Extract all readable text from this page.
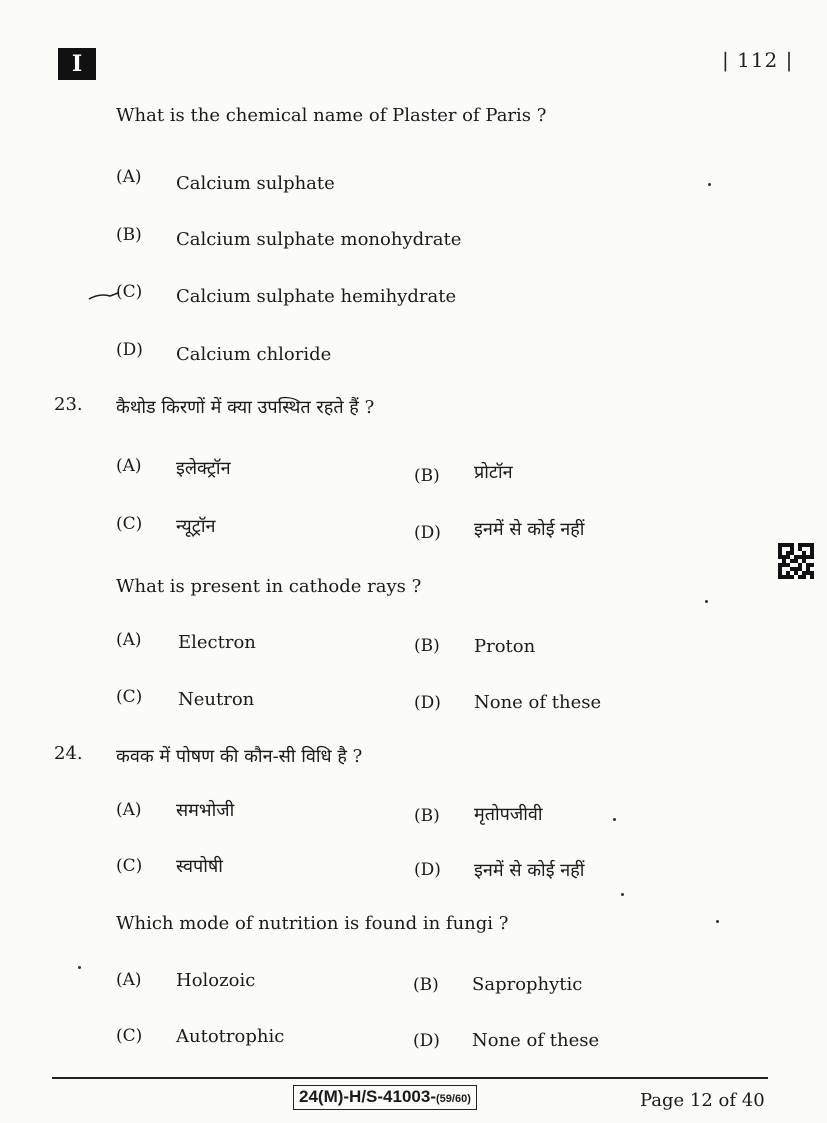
I	| 112 |
What is the chemical name of Plaster of Paris ?
(A) Calcium sulphate
(B) Calcium sulphate monohydrate
(C) Calcium sulphate hemihydrate
(D) Calcium chloride
23. कैथोड किरणों में क्या उपस्थित रहते हैं ?
(A) इलेक्ट्रॉन	(B) प्रोटॉन
(C) न्यूट्रॉन	(D) इनमें से कोई नहीं
What is present in cathode rays ?
(A) Electron	(B) Proton
(C) Neutron	(D) None of these
24. कवक में पोषण की कौन-सी विधि है ?
(A) समभोजी	(B) मृतोपजीवी
(C) स्वपोषी	(D) इनमें से कोई नहीं
Which mode of nutrition is found in fungi ?
(A) Holozoic	(B) Saprophytic
(C) Autotrophic	(D) None of these
24(M)-H/S-41003-(59/60)	Page 12 of 40
